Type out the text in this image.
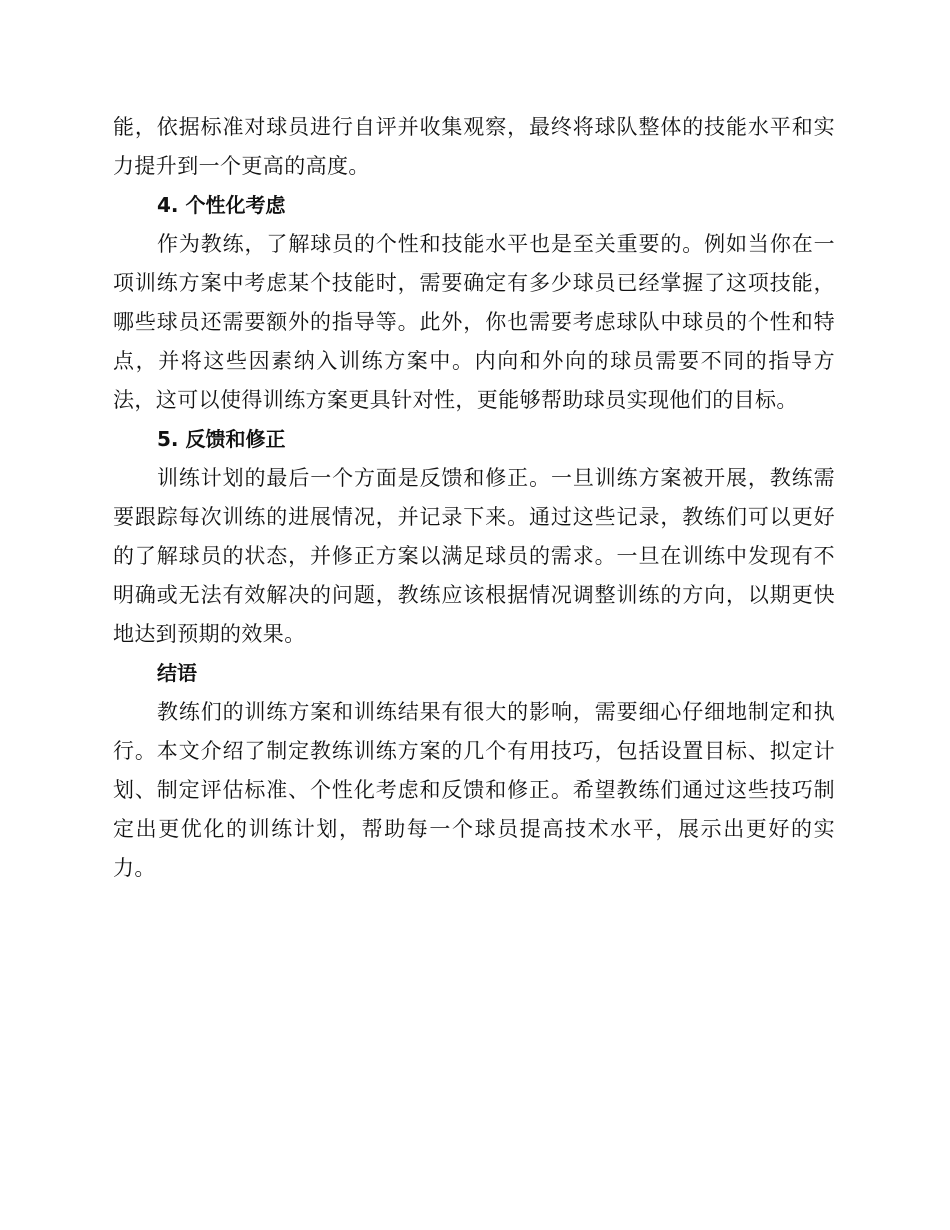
能，依据标准对球员进行自评并收集观察，最终将球队整体的技能水平和实力提升到一个更高的高度。

4. 个性化考虑

作为教练，了解球员的个性和技能水平也是至关重要的。例如当你在一项训练方案中考虑某个技能时，需要确定有多少球员已经掌握了这项技能，哪些球员还需要额外的指导等。此外，你也需要考虑球队中球员的个性和特点，并将这些因素纳入训练方案中。内向和外向的球员需要不同的指导方法，这可以使得训练方案更具针对性，更能够帮助球员实现他们的目标。

5. 反馈和修正

训练计划的最后一个方面是反馈和修正。一旦训练方案被开展，教练需要跟踪每次训练的进展情况，并记录下来。通过这些记录，教练们可以更好的了解球员的状态，并修正方案以满足球员的需求。一旦在训练中发现有不明确或无法有效解决的问题，教练应该根据情况调整训练的方向，以期更快地达到预期的效果。

结语

教练们的训练方案和训练结果有很大的影响，需要细心仔细地制定和执行。本文介绍了制定教练训练方案的几个有用技巧，包括设置目标、拟定计划、制定评估标准、个性化考虑和反馈和修正。希望教练们通过这些技巧制定出更优化的训练计划，帮助每一个球员提高技术水平，展示出更好的实力。
